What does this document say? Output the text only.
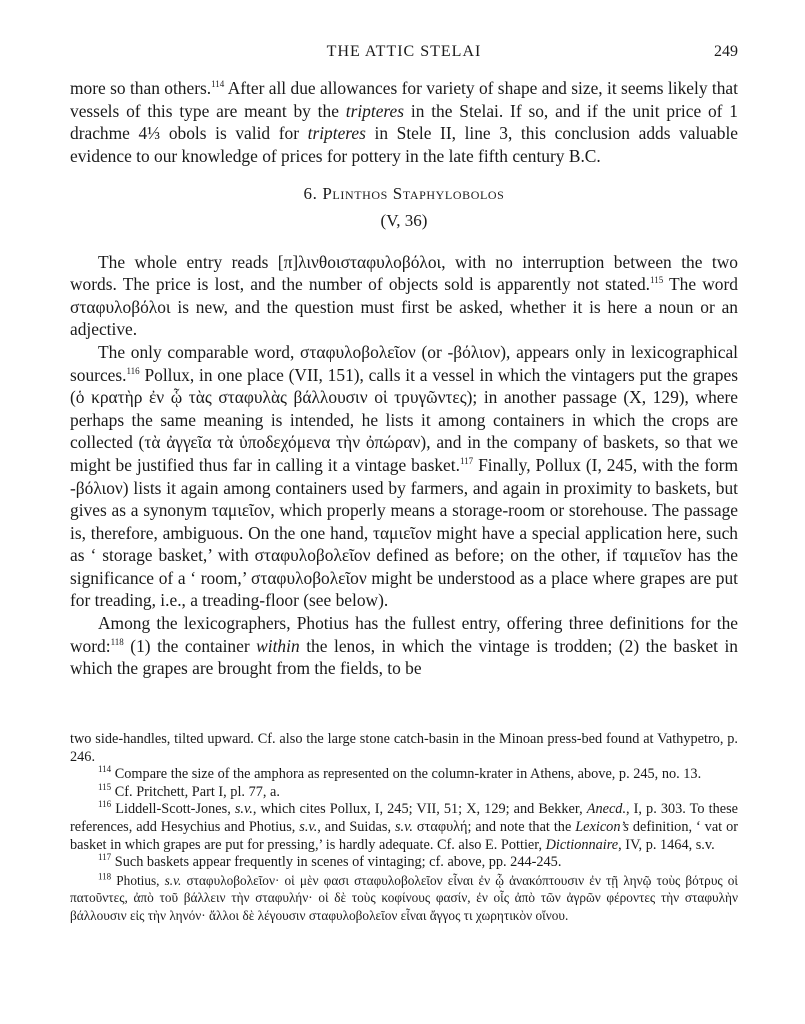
THE ATTIC STELAI	249

more so than others.$^{114}$ After all due allowances for variety of shape and size, it seems likely that vessels of this type are meant by the tripteres in the Stelai. If so, and if the unit price of 1 drachme 4⅓ obols is valid for tripteres in Stele II, line 3, this conclusion adds valuable evidence to our knowledge of prices for pottery in the late fifth century B.C.

6. Plinthos Staphylobolos
(V, 36)

The whole entry reads [π]λινθοισταφυλοβόλοι, with no interruption between the two words. The price is lost, and the number of objects sold is apparently not stated.$^{115}$ The word σταφυλοβόλοι is new, and the question must first be asked, whether it is here a noun or an adjective.

The only comparable word, σταφυλοβολεῖον (or -βόλιον), appears only in lexicographical sources.$^{116}$ Pollux, in one place (VII, 151), calls it a vessel in which the vintagers put the grapes (ὁ κρατὴρ ἐν ᾧ τὰς σταφυλὰς βάλλουσιν οἱ τρυγῶντες); in another passage (X, 129), where perhaps the same meaning is intended, he lists it among containers in which the crops are collected (τὰ ἀγγεῖα τὰ ὑποδεχόμενα τὴν ὀπώραν), and in the company of baskets, so that we might be justified thus far in calling it a vintage basket.$^{117}$ Finally, Pollux (I, 245, with the form -βόλιον) lists it again among containers used by farmers, and again in proximity to baskets, but gives as a synonym ταμιεῖον, which properly means a storage-room or storehouse. The passage is, therefore, ambiguous. On the one hand, ταμιεῖον might have a special application here, such as ‘ storage basket,’ with σταφυλοβολεῖον defined as before; on the other, if ταμιεῖον has the significance of a ‘ room,’ σταφυλοβολεῖον might be understood as a place where grapes are put for treading, i.e., a treading-floor (see below).

Among the lexicographers, Photius has the fullest entry, offering three definitions for the word:$^{118}$ (1) the container within the lenos, in which the vintage is trodden; (2) the basket in which the grapes are brought from the fields, to be

two side-handles, tilted upward. Cf. also the large stone catch-basin in the Minoan press-bed found at Vathypetro, p. 246.

$^{114}$ Compare the size of the amphora as represented on the column-krater in Athens, above, p. 245, no. 13.

$^{115}$ Cf. Pritchett, Part I, pl. 77, a.

$^{116}$ Liddell-Scott-Jones, s.v., which cites Pollux, I, 245; VII, 51; X, 129; and Bekker, Anecd., I, p. 303. To these references, add Hesychius and Photius, s.v., and Suidas, s.v. σταφυλή; and note that the Lexicon’s definition, ‘ vat or basket in which grapes are put for pressing,’ is hardly adequate. Cf. also E. Pottier, Dictionnaire, IV, p. 1464, s.v.

$^{117}$ Such baskets appear frequently in scenes of vintaging; cf. above, pp. 244-245.

$^{118}$ Photius, s.v. σταφυλοβολεῖον· οἱ μὲν φασι σταφυλοβολεῖον εἶναι ἐν ᾧ ἀνακόπτουσιν ἐν τῇ ληνῷ τοὺς βότρυς οἱ πατοῦντες, ἀπὸ τοῦ βάλλειν τὴν σταφυλήν· οἱ δὲ τοὺς κοφίνους φασίν, ἐν οἷς ἀπὸ τῶν ἀγρῶν φέροντες τὴν σταφυλὴν βάλλουσιν εἰς τὴν ληνόν· ἄλλοι δὲ λέγουσιν σταφυλοβολεῖον εἶναι ἄγγος τι χωρητικὸν οἴνου.
